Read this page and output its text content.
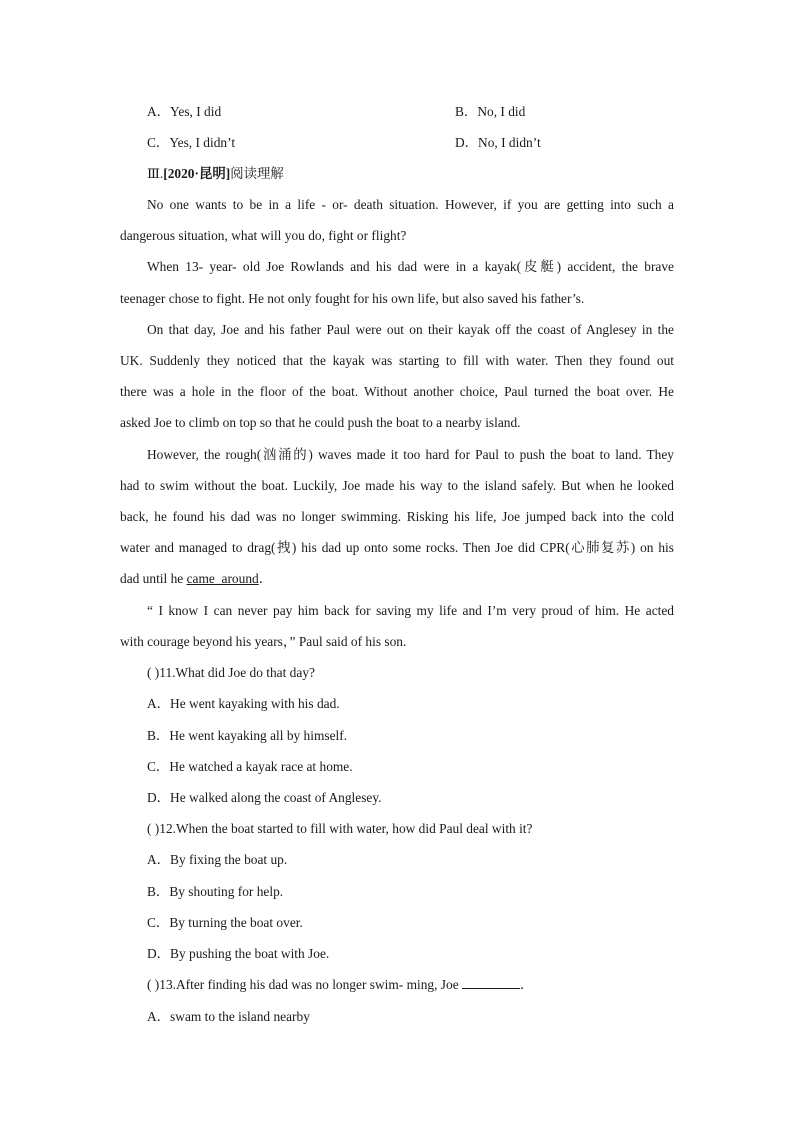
A．Yes, I did	B．No, I did
C．Yes, I didn’t	D．No, I didn’t
Ⅲ.[2020·昆明]阅读理解
No one wants to be in a life - or- death situation. However, if you are getting into such a
dangerous situation, what will you do, fight or flight?
When 13- year- old Joe Rowlands and his dad were in a kayak(皮艇) accident, the brave
teenager chose to fight. He not only fought for his own life, but also saved his father’s.
On that day, Joe and his father Paul were out on their kayak off the coast of Anglesey in the
UK. Suddenly they noticed that the kayak was starting to fill with water. Then they found out
there was a hole in the floor of the boat. Without another choice, Paul turned the boat over. He
asked Joe to climb on top so that he could push the boat to a nearby island.
However, the rough(汹涌的) waves made it too hard for Paul to push the boat to land. They
had to swim without the boat. Luckily, Joe made his way to the island safely. But when he looked
back, he found his dad was no longer swimming. Risking his life, Joe jumped back into the cold
water and managed to drag(拽) his dad up onto some rocks. Then Joe did CPR(心肺复苏) on his
dad until he came_around．
“ I know I can never pay him back for saving my life and I’m very proud of him. He acted
with courage beyond his years，” Paul said of his son.
( )11.What did Joe do that day?
A．He went kayaking with his dad.
B．He went kayaking all by himself.
C．He watched a kayak race at home.
D．He walked along the coast of Anglesey.
( )12.When the boat started to fill with water, how did Paul deal with it?
A．By fixing the boat up.
B．By shouting for help.
C．By turning the boat over.
D．By pushing the boat with Joe.
( )13.After finding his dad was no longer swim- ming, Joe	．
A．swam to the island nearby
